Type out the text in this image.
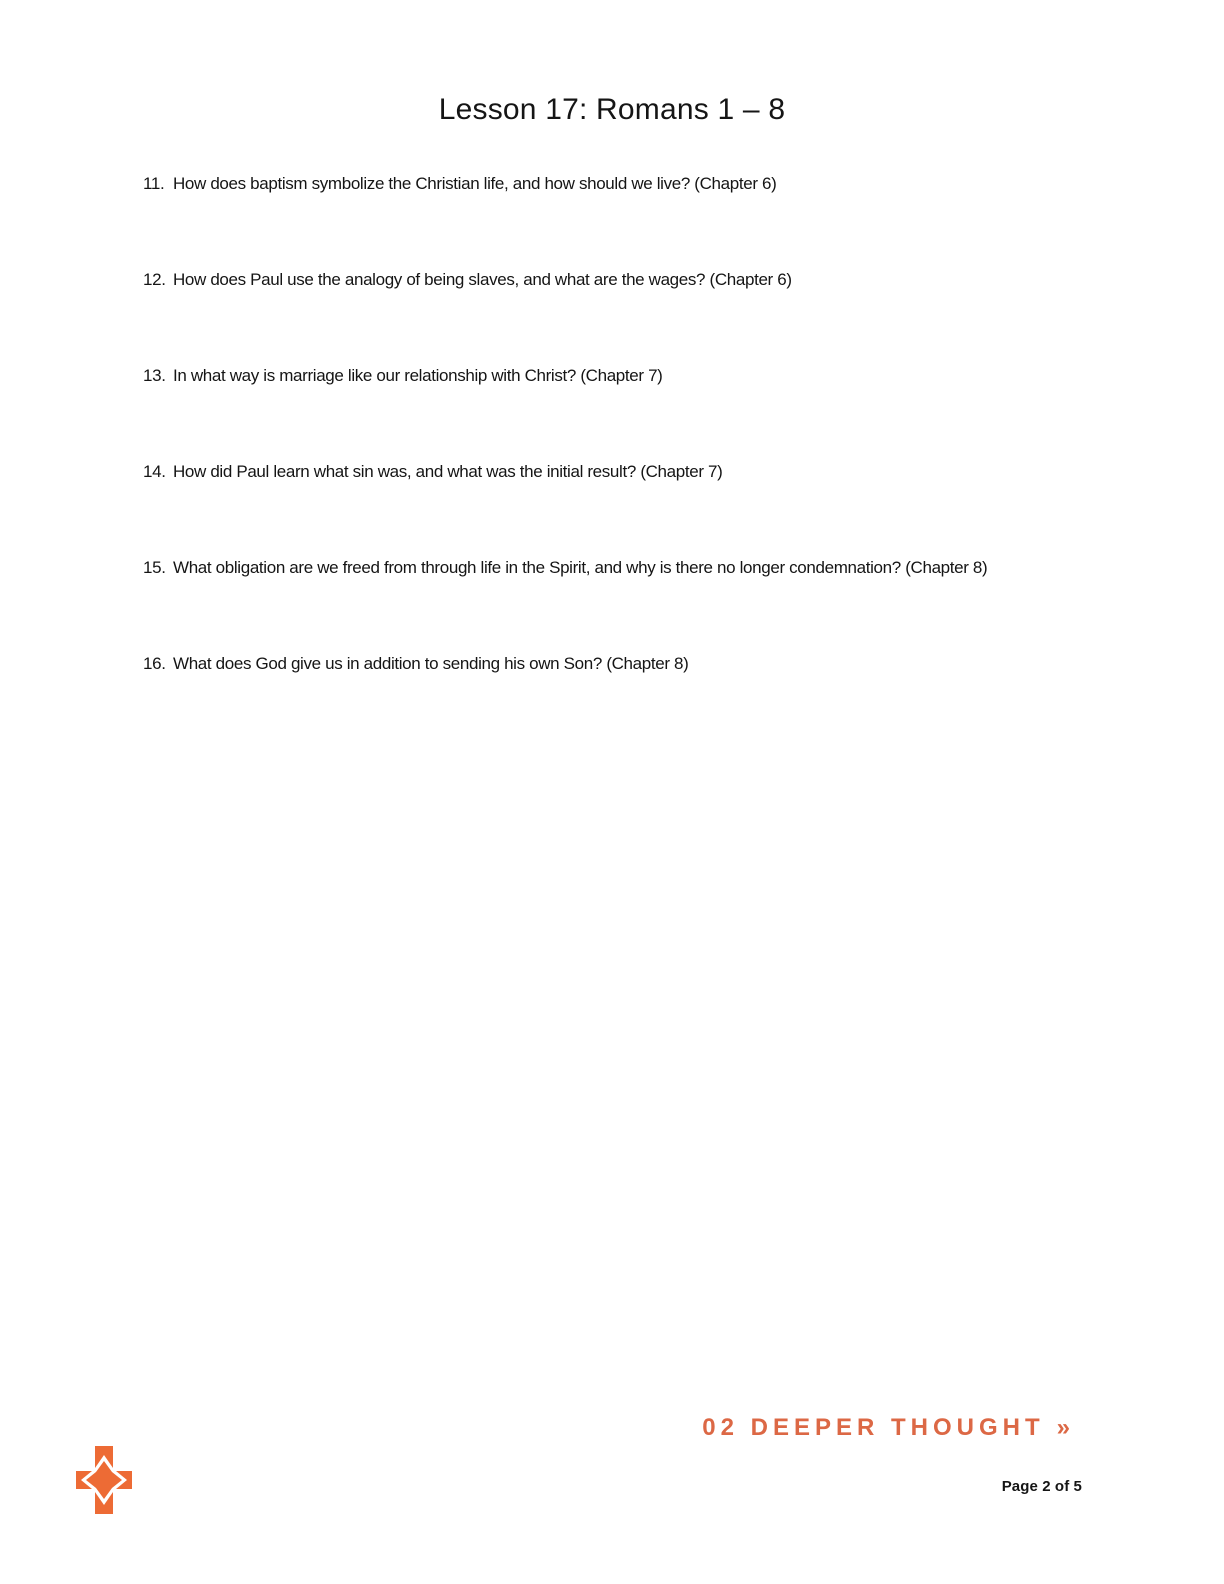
Lesson 17: Romans 1 – 8
11. How does baptism symbolize the Christian life, and how should we live? (Chapter 6)
12. How does Paul use the analogy of being slaves, and what are the wages? (Chapter 6)
13. In what way is marriage like our relationship with Christ? (Chapter 7)
14. How did Paul learn what sin was, and what was the initial result? (Chapter 7)
15. What obligation are we freed from through life in the Spirit, and why is there no longer condemnation? (Chapter 8)
16. What does God give us in addition to sending his own Son? (Chapter 8)
02 DEEPER THOUGHT »
Page 2 of 5
